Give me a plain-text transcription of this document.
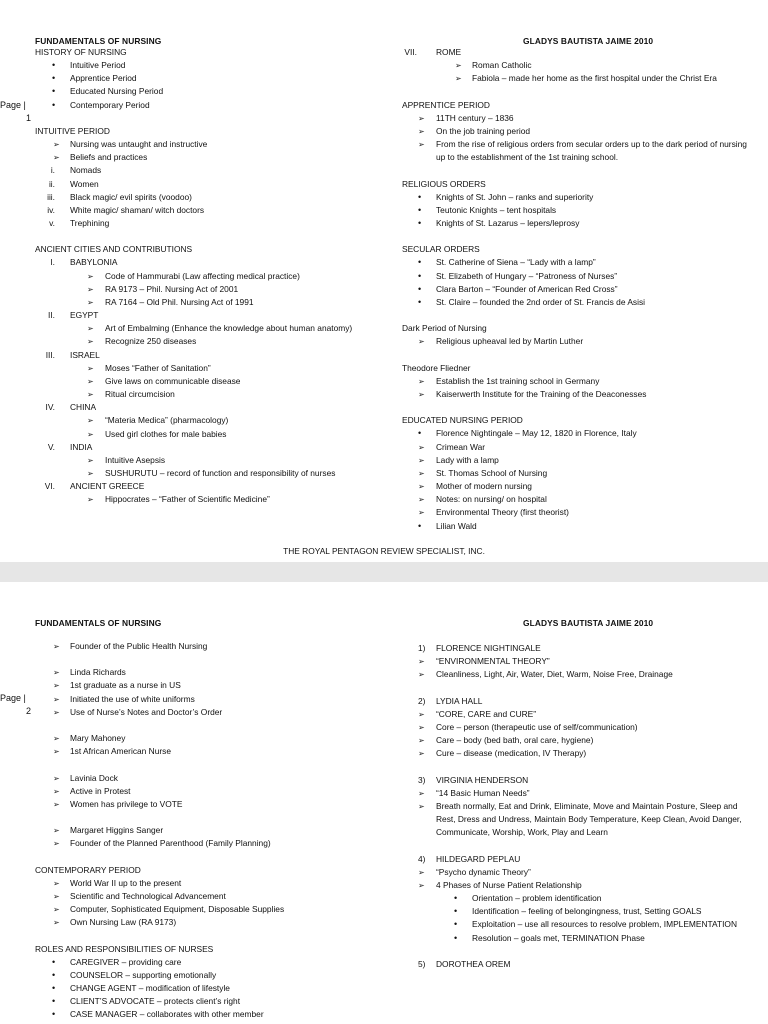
FUNDAMENTALS OF NURSING	GLADYS BAUTISTA JAIME 2010
Page |
1
HISTORY OF NURSING
• Intuitive Period
• Apprentice Period
• Educated Nursing Period
• Contemporary Period
INTUITIVE PERIOD
➢ Nursing was untaught and instructive
➢ Beliefs and practices
i. Nomads
ii. Women
iii. Black magic/ evil spirits (voodoo)
iv. White magic/ shaman/ witch doctors
v. Trephining
ANCIENT CITIES AND CONTRIBUTIONS
I. BABYLONIA
➢ Code of Hammurabi (Law affecting medical practice)
➢ RA 9173 – Phil. Nursing Act of 2001
➢ RA 7164 – Old Phil. Nursing Act of 1991
II. EGYPT
➢ Art of Embalming (Enhance the knowledge about human anatomy)
➢ Recognize 250 diseases
III. ISRAEL
➢ Moses “Father of Sanitation”
➢ Give laws on communicable disease
➢ Ritual circumcision
IV. CHINA
➢ “Materia Medica” (pharmacology)
➢ Used girl clothes for male babies
V. INDIA
➢ Intuitive Asepsis
➢ SUSHURUTU – record of function and responsibility of nurses
VI. ANCIENT GREECE
➢ Hippocrates – “Father of Scientific Medicine”
VII. ROME
➢ Roman Catholic
➢ Fabiola – made her home as the first hospital under the Christ Era
APPRENTICE PERIOD
➢ 11TH century – 1836
➢ On the job training period
➢ From the rise of religious orders from secular orders up to the dark period of nursing up to the establishment of the 1st training school.
RELIGIOUS ORDERS
• Knights of St. John – ranks and superiority
• Teutonic Knights – tent hospitals
• Knights of St. Lazarus – lepers/leprosy
SECULAR ORDERS
• St. Catherine of Siena – “Lady with a lamp”
• St. Elizabeth of Hungary – “Patroness of Nurses”
• Clara Barton – “Founder of American Red Cross”
• St. Claire – founded the 2nd order of St. Francis de Asisi
Dark Period of Nursing
➢ Religious upheaval led by Martin Luther
Theodore Fliedner
➢ Establish the 1st training school in Germany
➢ Kaiserwerth Institute for the Training of the Deaconesses
EDUCATED NURSING PERIOD
• Florence Nightingale – May 12, 1820 in Florence, Italy
➢ Crimean War
➢ Lady with a lamp
➢ St. Thomas School of Nursing
➢ Mother of modern nursing
➢ Notes: on nursing/ on hospital
➢ Environmental Theory (first theorist)
• Lilian Wald
THE ROYAL PENTAGON REVIEW SPECIALIST, INC.
FUNDAMENTALS OF NURSING	GLADYS BAUTISTA JAIME 2010
Page |
2
➢ Founder of the Public Health Nursing
➢ Linda Richards
➢ 1st graduate as a nurse in US
➢ Initiated the use of white uniforms
➢ Use of Nurse’s Notes and Doctor’s Order
➢ Mary Mahoney
➢ 1st African American Nurse
➢ Lavinia Dock
➢ Active in Protest
➢ Women has privilege to VOTE
➢ Margaret Higgins Sanger
➢ Founder of the Planned Parenthood (Family Planning)
CONTEMPORARY PERIOD
➢ World War II up to the present
➢ Scientific and Technological Advancement
➢ Computer, Sophisticated Equipment, Disposable Supplies
➢ Own Nursing Law (RA 9173)
ROLES AND RESPONSIBILITIES OF NURSES
• CAREGIVER – providing care
• COUNSELOR – supporting emotionally
• CHANGE AGENT – modification of lifestyle
• CLIENT’S ADVOCATE – protects client’s right
• CASE MANAGER – collaborates with other member
1) FLORENCE NIGHTINGALE
➢ “ENVIRONMENTAL THEORY”
➢ Cleanliness, Light, Air, Water, Diet, Warm, Noise Free, Drainage
2) LYDIA HALL
➢ “CORE, CARE and CURE”
➢ Core – person (therapeutic use of self/communication)
➢ Care – body (bed bath, oral care, hygiene)
➢ Cure – disease (medication, IV Therapy)
3) VIRGINIA HENDERSON
➢ “14 Basic Human Needs”
➢ Breath normally, Eat and Drink, Eliminate, Move and Maintain Posture, Sleep and Rest, Dress and Undress, Maintain Body Temperature, Keep Clean, Avoid Danger, Communicate, Worship, Work, Play and Learn
4) HILDEGARD PEPLAU
➢ “Psycho dynamic Theory”
➢ 4 Phases of Nurse Patient Relationship
• Orientation – problem identification
• Identification – feeling of belongingness, trust, Setting GOALS
• Exploitation – use all resources to resolve problem, IMPLEMENTATION
• Resolution – goals met, TERMINATION Phase
5) DOROTHEA OREM
